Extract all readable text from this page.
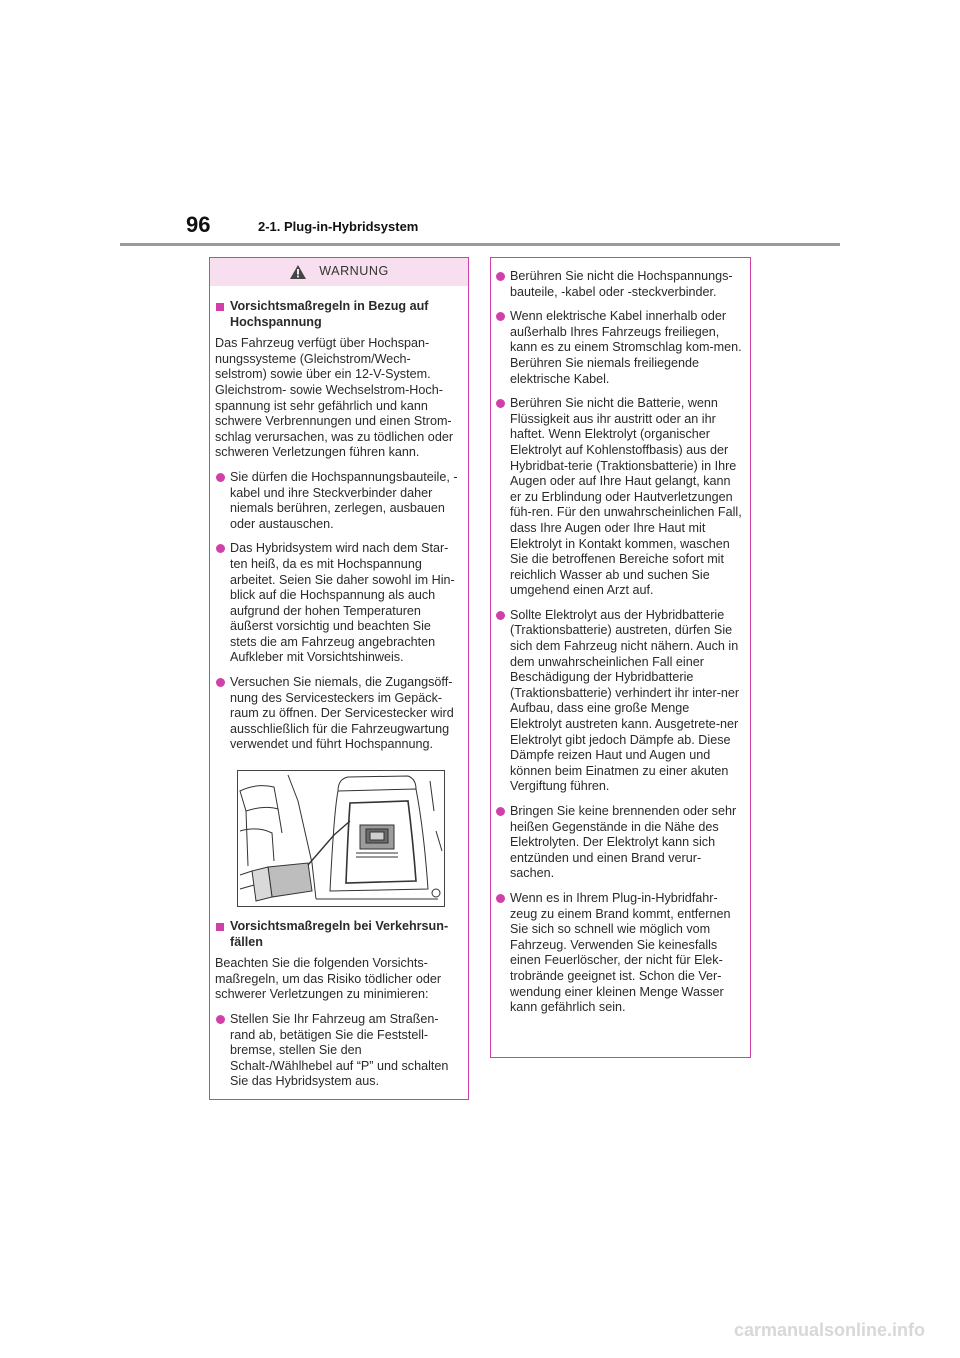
96	2-1. Plug-in-Hybridsystem
WARNUNG
Vorsichtsmaßregeln in Bezug auf Hochspannung
Das Fahrzeug verfügt über Hochspan-nungssysteme (Gleichstrom/Wech-selstrom) sowie über ein 12-V-System. Gleichstrom- sowie Wechselstrom-Hoch-spannung ist sehr gefährlich und kann schwere Verbrennungen und einen Strom-schlag verursachen, was zu tödlichen oder schweren Verletzungen führen kann.
Sie dürfen die Hochspannungsbauteile, -kabel und ihre Steckverbinder daher niemals berühren, zerlegen, ausbauen oder austauschen.
Das Hybridsystem wird nach dem Star-ten heiß, da es mit Hochspannung arbeitet. Seien Sie daher sowohl im Hin-blick auf die Hochspannung als auch aufgrund der hohen Temperaturen äußerst vorsichtig und beachten Sie stets die am Fahrzeug angebrachten Aufkleber mit Vorsichtshinweis.
Versuchen Sie niemals, die Zugangsöff-nung des Servicesteckers im Gepäck-raum zu öffnen. Der Servicestecker wird ausschließlich für die Fahrzeugwartung verwendet und führt Hochspannung.
Vorsichtsmaßregeln bei Verkehrsun-fällen
Beachten Sie die folgenden Vorsichts-maßregeln, um das Risiko tödlicher oder schwerer Verletzungen zu minimieren:
Stellen Sie Ihr Fahrzeug am Straßen-rand ab, betätigen Sie die Feststell-bremse, stellen Sie den Schalt-/Wählhebel auf “P” und schalten Sie das Hybridsystem aus.
Berühren Sie nicht die Hochspannungs-bauteile, -kabel oder -steckverbinder.
Wenn elektrische Kabel innerhalb oder außerhalb Ihres Fahrzeugs freiliegen, kann es zu einem Stromschlag kom-men. Berühren Sie niemals freiliegende elektrische Kabel.
Berühren Sie nicht die Batterie, wenn Flüssigkeit aus ihr austritt oder an ihr haftet. Wenn Elektrolyt (organischer Elektrolyt auf Kohlenstoffbasis) aus der Hybridbat-terie (Traktionsbatterie) in Ihre Augen oder auf Ihre Haut gelangt, kann er zu Erblindung oder Hautverletzungen füh-ren. Für den unwahrscheinlichen Fall, dass Ihre Augen oder Ihre Haut mit Elektrolyt in Kontakt kommen, waschen Sie die betroffenen Bereiche sofort mit reichlich Wasser ab und suchen Sie umgehend einen Arzt auf.
Sollte Elektrolyt aus der Hybridbatterie (Traktionsbatterie) austreten, dürfen Sie sich dem Fahrzeug nicht nähern. Auch in dem unwahrscheinlichen Fall einer Beschädigung der Hybridbatterie (Traktionsbatterie) verhindert ihr inter-ner Aufbau, dass eine große Menge Elektrolyt austreten kann. Ausgetrete-ner Elektrolyt gibt jedoch Dämpfe ab. Diese Dämpfe reizen Haut und Augen und können beim Einatmen zu einer akuten Vergiftung führen.
Bringen Sie keine brennenden oder sehr heißen Gegenstände in die Nähe des Elektrolyten. Der Elektrolyt kann sich entzünden und einen Brand verur-sachen.
Wenn es in Ihrem Plug-in-Hybridfahr-zeug zu einem Brand kommt, entfernen Sie sich so schnell wie möglich vom Fahrzeug. Verwenden Sie keinesfalls einen Feuerlöscher, der nicht für Elek-trobrände geeignet ist. Schon die Ver-wendung einer kleinen Menge Wasser kann gefährlich sein.
carmanualsonline.info
